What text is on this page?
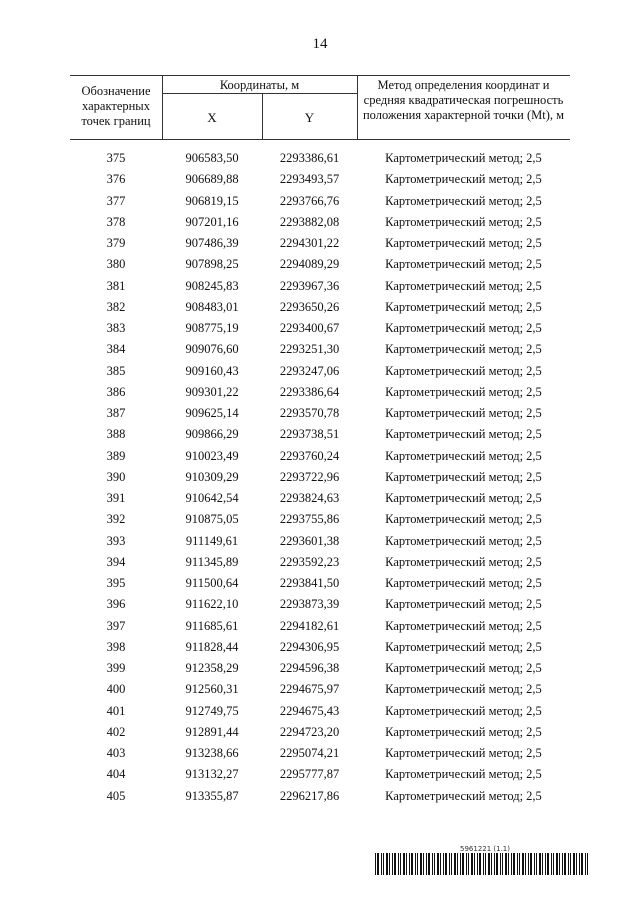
14
Обозначение характерных точек границ
Координаты, м
X	Y
Метод определения координат и средняя квадратическая погрешность положения характерной точки (Mt), м
375	906583,50	2293386,61	Картометрический метод; 2,5
376	906689,88	2293493,57	Картометрический метод; 2,5
377	906819,15	2293766,76	Картометрический метод; 2,5
378	907201,16	2293882,08	Картометрический метод; 2,5
379	907486,39	2294301,22	Картометрический метод; 2,5
380	907898,25	2294089,29	Картометрический метод; 2,5
381	908245,83	2293967,36	Картометрический метод; 2,5
382	908483,01	2293650,26	Картометрический метод; 2,5
383	908775,19	2293400,67	Картометрический метод; 2,5
384	909076,60	2293251,30	Картометрический метод; 2,5
385	909160,43	2293247,06	Картометрический метод; 2,5
386	909301,22	2293386,64	Картометрический метод; 2,5
387	909625,14	2293570,78	Картометрический метод; 2,5
388	909866,29	2293738,51	Картометрический метод; 2,5
389	910023,49	2293760,24	Картометрический метод; 2,5
390	910309,29	2293722,96	Картометрический метод; 2,5
391	910642,54	2293824,63	Картометрический метод; 2,5
392	910875,05	2293755,86	Картометрический метод; 2,5
393	911149,61	2293601,38	Картометрический метод; 2,5
394	911345,89	2293592,23	Картометрический метод; 2,5
395	911500,64	2293841,50	Картометрический метод; 2,5
396	911622,10	2293873,39	Картометрический метод; 2,5
397	911685,61	2294182,61	Картометрический метод; 2,5
398	911828,44	2294306,95	Картометрический метод; 2,5
399	912358,29	2294596,38	Картометрический метод; 2,5
400	912560,31	2294675,97	Картометрический метод; 2,5
401	912749,75	2294675,43	Картометрический метод; 2,5
402	912891,44	2294723,20	Картометрический метод; 2,5
403	913238,66	2295074,21	Картометрический метод; 2,5
404	913132,27	2295777,87	Картометрический метод; 2,5
405	913355,87	2296217,86	Картометрический метод; 2,5
5961221 (1.1)
